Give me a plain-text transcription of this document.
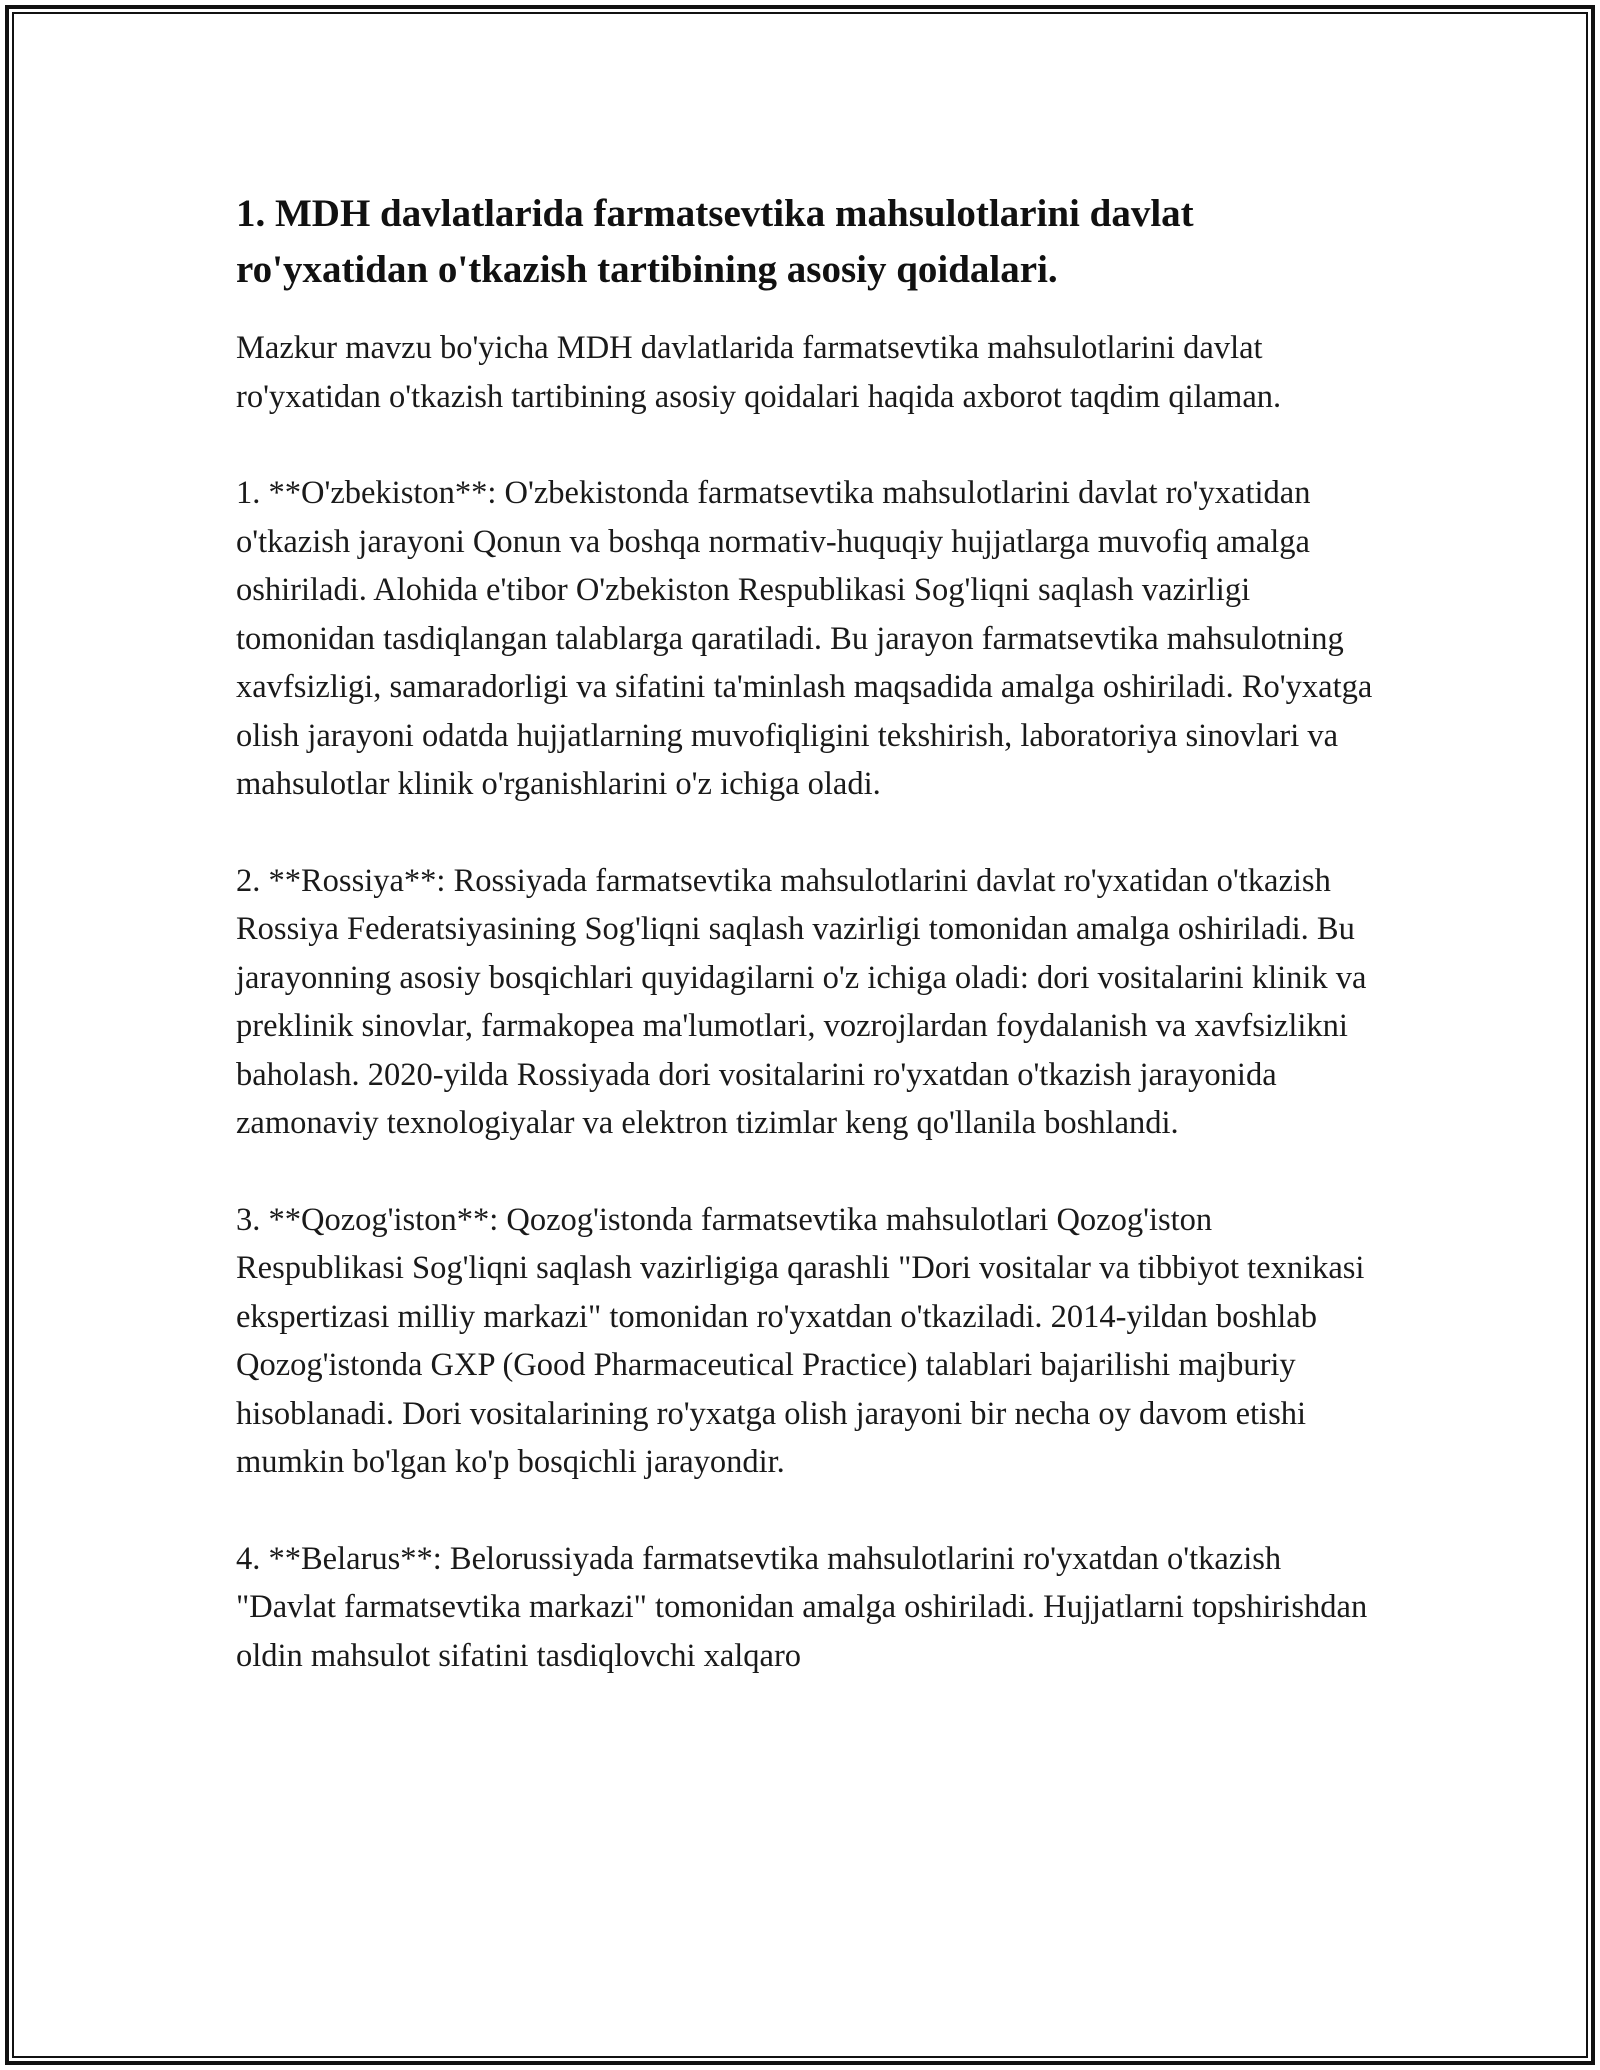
1. MDH davlatlarida farmatsevtika mahsulotlarini davlat ro'yxatidan o'tkazish tartibining asosiy qoidalari.

Mazkur mavzu bo'yicha MDH davlatlarida farmatsevtika mahsulotlarini davlat ro'yxatidan o'tkazish tartibining asosiy qoidalari haqida axborot taqdim qilaman.

1. **O'zbekiston**: O'zbekistonda farmatsevtika mahsulotlarini davlat ro'yxatidan o'tkazish jarayoni Qonun va boshqa normativ-huquqiy hujjatlarga muvofiq amalga oshiriladi. Alohida e'tibor O'zbekiston Respublikasi Sog'liqni saqlash vazirligi tomonidan tasdiqlangan talablarga qaratiladi. Bu jarayon farmatsevtika mahsulotning xavfsizligi, samaradorligi va sifatini ta'minlash maqsadida amalga oshiriladi. Ro'yxatga olish jarayoni odatda hujjatlarning muvofiqligini tekshirish, laboratoriya sinovlari va mahsulotlar klinik o'rganishlarini o'z ichiga oladi.

2. **Rossiya**: Rossiyada farmatsevtika mahsulotlarini davlat ro'yxatidan o'tkazish Rossiya Federatsiyasining Sog'liqni saqlash vazirligi tomonidan amalga oshiriladi. Bu jarayonning asosiy bosqichlari quyidagilarni o'z ichiga oladi: dori vositalarini klinik va preklinik sinovlar, farmakopea ma'lumotlari, vozrojlardan foydalanish va xavfsizlikni baholash. 2020-yilda Rossiyada dori vositalarini ro'yxatdan o'tkazish jarayonida zamonaviy texnologiyalar va elektron tizimlar keng qo'llanila boshlandi.

3. **Qozog'iston**: Qozog'istonda farmatsevtika mahsulotlari Qozog'iston Respublikasi Sog'liqni saqlash vazirligiga qarashli "Dori vositalar va tibbiyot texnikasi ekspertizasi milliy markazi" tomonidan ro'yxatdan o'tkaziladi. 2014-yildan boshlab Qozog'istonda GXP (Good Pharmaceutical Practice) talablari bajarilishi majburiy hisoblanadi. Dori vositalarining ro'yxatga olish jarayoni bir necha oy davom etishi mumkin bo'lgan ko'p bosqichli jarayondir.

4. **Belarus**: Belorussiyada farmatsevtika mahsulotlarini ro'yxatdan o'tkazish "Davlat farmatsevtika markazi" tomonidan amalga oshiriladi. Hujjatlarni topshirishdan oldin mahsulot sifatini tasdiqlovchi xalqaro
